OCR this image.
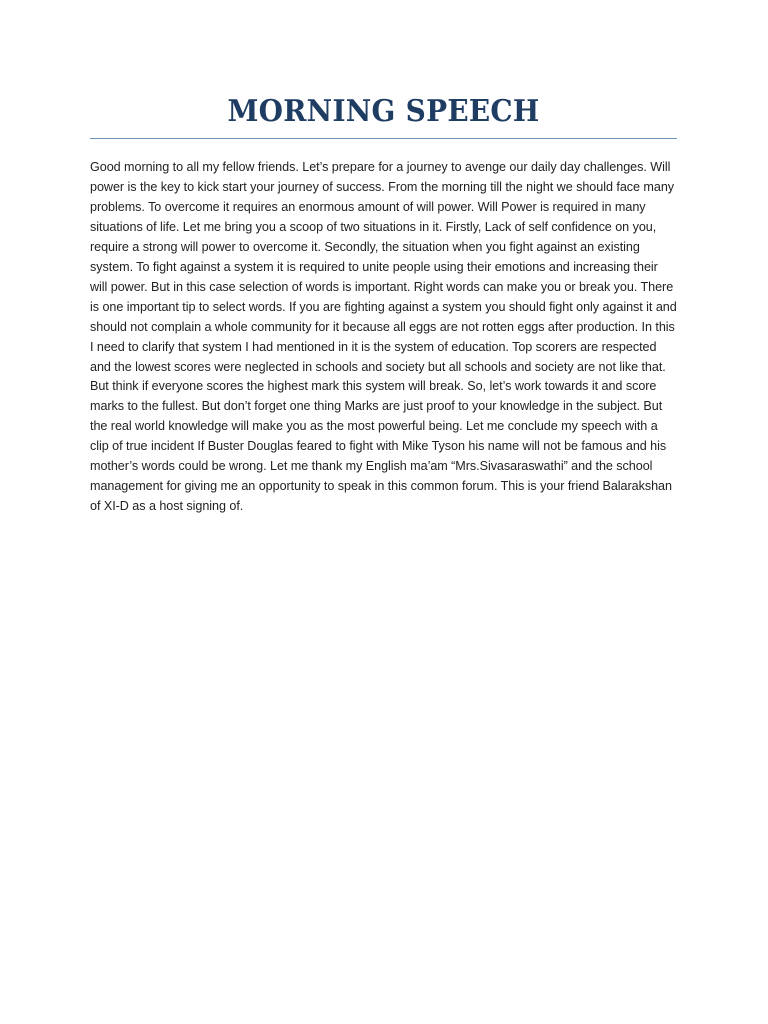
MORNING SPEECH

Good morning to all my fellow friends. Let’s prepare for a journey to avenge our daily day challenges. Will power is the key to kick start your journey of success. From the morning till the night we should face many problems. To overcome it requires an enormous amount of will power. Will Power is required in many situations of life. Let me bring you a scoop of two situations in it. Firstly, Lack of self confidence on you, require a strong will power to overcome it. Secondly, the situation when you fight against an existing system. To fight against a system it is required to unite people using their emotions and increasing their will power. But in this case selection of words is important. Right words can make you or break you. There is one important tip to select words. If you are fighting against a system you should fight only against it and should not complain a whole community for it because all eggs are not rotten eggs after production. In this I need to clarify that system I had mentioned in it is the system of education. Top scorers are respected and the lowest scores were neglected in schools and society but all schools and society are not like that. But think if everyone scores the highest mark this system will break. So, let’s work towards it and score marks to the fullest. But don’t forget one thing Marks are just proof to your knowledge in the subject. But the real world knowledge will make you as the most powerful being. Let me conclude my speech with a clip of true incident If Buster Douglas feared to fight with Mike Tyson his name will not be famous and his mother’s words could be wrong. Let me thank my English ma’am “Mrs.Sivasaraswathi” and the school management for giving me an opportunity to speak in this common forum. This is your friend Balarakshan of XI-D as a host signing of.
